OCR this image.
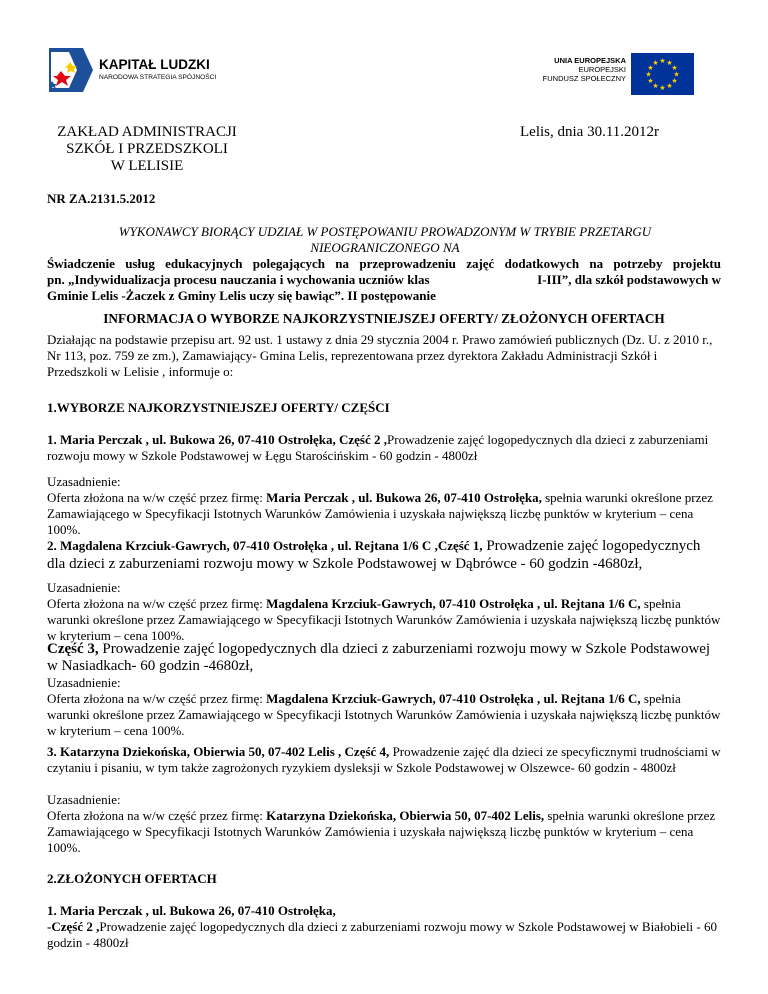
KAPITAŁ LUDZKI
NARODOWA STRATEGIA SPÓJNOŚCI
UNIA EUROPEJSKA
EUROPEJSKI
FUNDUSZ SPOŁECZNY
★ ★
★
★
★
★
★
★
★
★
★
★
ZAKŁAD ADMINISTRACJI
SZKÓŁ I PRZEDSZKOLI
W LELISIE
Lelis, dnia 30.11.2012r
NR ZA.2131.5.2012
WYKONAWCY BIORĄCY UDZIAŁ W POSTĘPOWANIU PROWADZONYM W TRYBIE PRZETARGU NIEOGRANICZONEGO NA
Świadczenie usług edukacyjnych polegających na przeprowadzeniu zajęć dodatkowych na potrzeby projektu
pn. „Indywidualizacja procesu nauczania i wychowania uczniów klas	I-III”, dla szkół podstawowych w
Gminie Lelis -Żaczek z Gminy Lelis uczy się bawiąc”. II postępowanie
INFORMACJA O WYBORZE NAJKORZYSTNIEJSZEJ OFERTY/ ZŁOŻONYCH OFERTACH
Działając na podstawie przepisu art. 92 ust. 1 ustawy z dnia 29 stycznia 2004 r. Prawo zamówień publicznych (Dz. U. z 2010 r., Nr 113, poz. 759 ze zm.), Zamawiający- Gmina Lelis, reprezentowana przez dyrektora Zakładu Administracji Szkół i Przedszkoli w Lelisie , informuje o:
1.WYBORZE NAJKORZYSTNIEJSZEJ OFERTY/ CZĘŚCI
1. Maria Perczak , ul. Bukowa 26, 07-410 Ostrołęka, Część 2 ,Prowadzenie zajęć logopedycznych dla dzieci z zaburzeniami rozwoju mowy w Szkole Podstawowej w Łęgu Starościńskim - 60 godzin - 4800zł
Uzasadnienie:
Oferta złożona na w/w część przez firmę: Maria Perczak , ul. Bukowa 26, 07-410 Ostrołęka, spełnia warunki określone przez Zamawiającego w Specyfikacji Istotnych Warunków Zamówienia i uzyskała największą liczbę punktów w kryterium – cena 100%.
2. Magdalena Krzciuk-Gawrych, 07-410 Ostrołęka , ul. Rejtana 1/6 C ,Część 1, Prowadzenie zajęć logopedycznych dla dzieci z zaburzeniami rozwoju mowy w Szkole Podstawowej w Dąbrówce - 60 godzin -4680zł,
Uzasadnienie:
Oferta złożona na w/w część przez firmę: Magdalena Krzciuk-Gawrych, 07-410 Ostrołęka , ul. Rejtana 1/6 C, spełnia warunki określone przez Zamawiającego w Specyfikacji Istotnych Warunków Zamówienia i uzyskała największą liczbę punktów w kryterium – cena 100%.
Część 3, Prowadzenie zajęć logopedycznych dla dzieci z zaburzeniami rozwoju mowy w Szkole Podstawowej w Nasiadkach- 60 godzin -4680zł,
Uzasadnienie:
Oferta złożona na w/w część przez firmę: Magdalena Krzciuk-Gawrych, 07-410 Ostrołęka , ul. Rejtana 1/6 C, spełnia warunki określone przez Zamawiającego w Specyfikacji Istotnych Warunków Zamówienia i uzyskała największą liczbę punktów w kryterium – cena 100%.
3. Katarzyna Dziekońska, Obierwia 50, 07-402 Lelis , Część 4, Prowadzenie zajęć dla dzieci ze specyficznymi trudnościami w czytaniu i pisaniu, w tym także zagrożonych ryzykiem dysleksji w Szkole Podstawowej w Olszewce- 60 godzin - 4800zł
Uzasadnienie:
Oferta złożona na w/w część przez firmę: Katarzyna Dziekońska, Obierwia 50, 07-402 Lelis, spełnia warunki określone przez Zamawiającego w Specyfikacji Istotnych Warunków Zamówienia i uzyskała największą liczbę punktów w kryterium – cena 100%.
2.ZŁOŻONYCH OFERTACH
1. Maria Perczak , ul. Bukowa 26, 07-410 Ostrołęka,
-Część 2 ,Prowadzenie zajęć logopedycznych dla dzieci z zaburzeniami rozwoju mowy w Szkole Podstawowej w Białobieli - 60 godzin - 4800zł
